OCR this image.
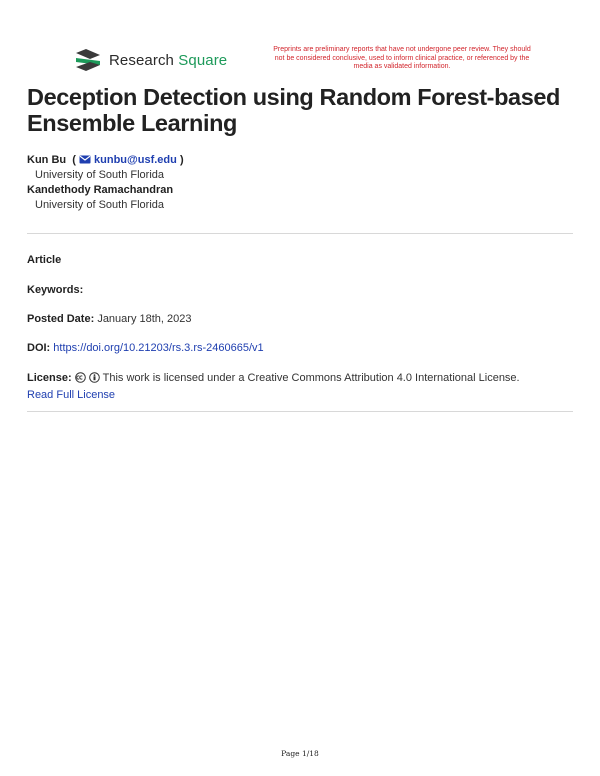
Research Square
Preprints are preliminary reports that have not undergone peer review. They should not be considered conclusive, used to inform clinical practice, or referenced by the media as validated information.
Deception Detection using Random Forest-based Ensemble Learning
Kun Bu  ( kunbu@usf.edu )
University of South Florida
Kandethody Ramachandran
University of South Florida
Article
Keywords:
Posted Date: January 18th, 2023
DOI: https://doi.org/10.21203/rs.3.rs-2460665/v1
License:	This work is licensed under a Creative Commons Attribution 4.0 International License.
Read Full License
Page 1/18
